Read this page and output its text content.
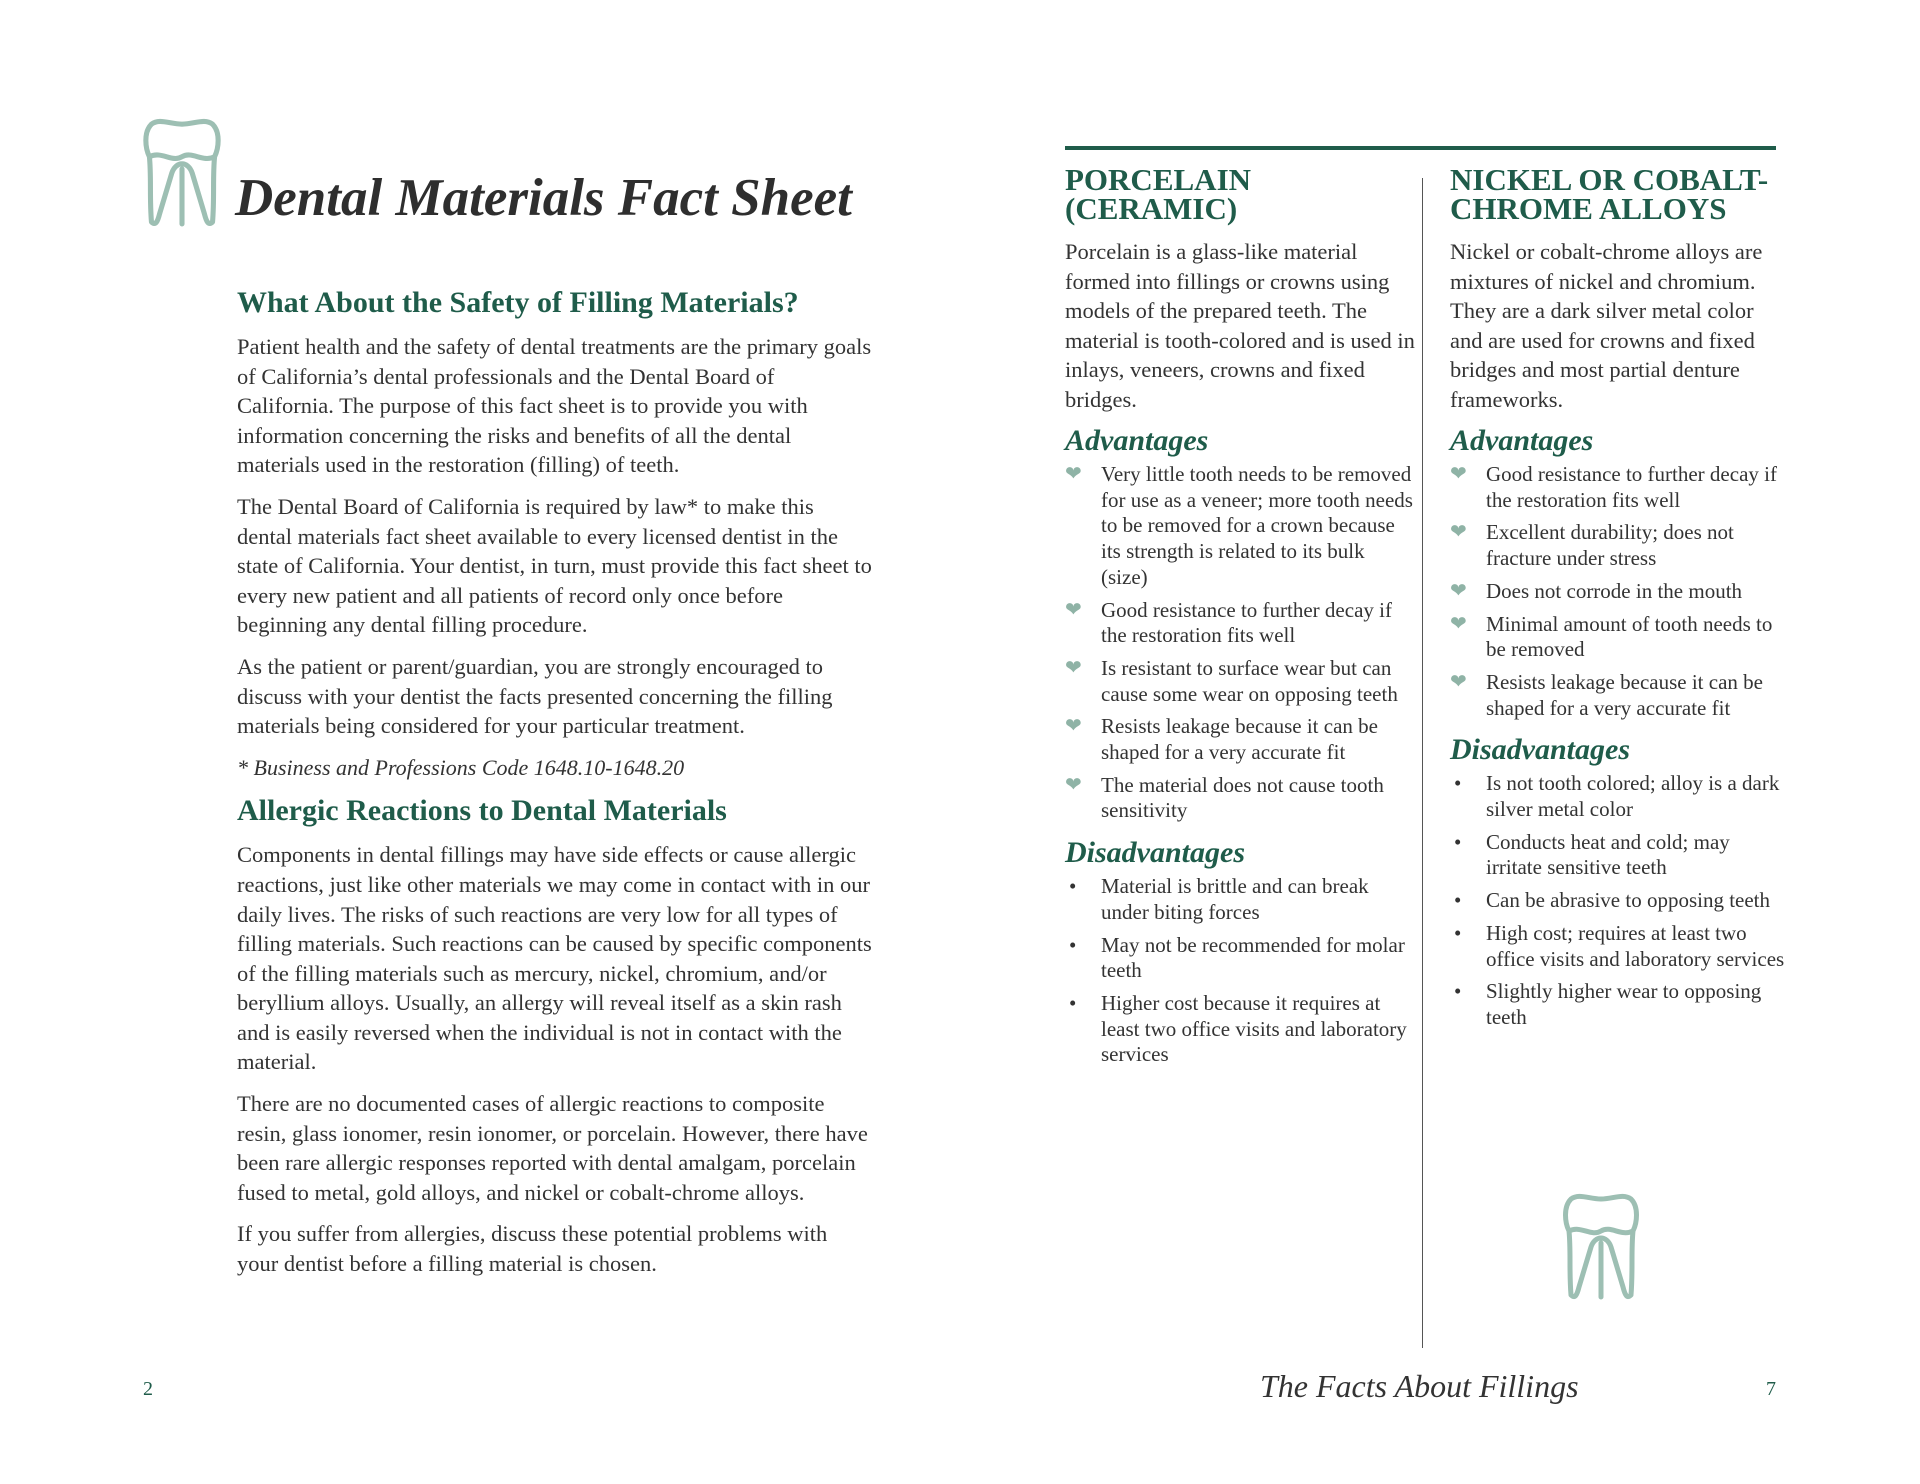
Dental Materials Fact Sheet
What About the Safety of Filling Materials?

Patient health and the safety of dental treatments are the primary goals of California’s dental professionals and the Dental Board of California. The purpose of this fact sheet is to provide you with information concerning the risks and benefits of all the dental materials used in the restoration (filling) of teeth.

The Dental Board of California is required by law* to make this dental materials fact sheet available to every licensed dentist in the state of California. Your dentist, in turn, must provide this fact sheet to every new patient and all patients of record only once before beginning any dental filling procedure.

As the patient or parent/guardian, you are strongly encouraged to discuss with your dentist the facts presented concerning the filling materials being considered for your particular treatment.

* Business and Professions Code 1648.10-1648.20

Allergic Reactions to Dental Materials

Components in dental fillings may have side effects or cause allergic reactions, just like other materials we may come in contact with in our daily lives. The risks of such reactions are very low for all types of filling materials. Such reactions can be caused by specific components of the filling materials such as mercury, nickel, chromium, and/or beryllium alloys. Usually, an allergy will reveal itself as a skin rash and is easily reversed when the individual is not in contact with the material.

There are no documented cases of allergic reactions to composite resin, glass ionomer, resin ionomer, or porcelain. However, there have been rare allergic responses reported with dental amalgam, porcelain fused to metal, gold alloys, and nickel or cobalt-chrome alloys.

If you suffer from allergies, discuss these potential problems with your dentist before a filling material is chosen.

2
PORCELAIN (CERAMIC)

Porcelain is a glass-like material formed into fillings or crowns using models of the prepared teeth. The material is tooth-colored and is used in inlays, veneers, crowns and fixed bridges.

Advantages
❤ Very little tooth needs to be removed for use as a veneer; more tooth needs to be removed for a crown because its strength is related to its bulk (size)
❤ Good resistance to further decay if the restoration fits well
❤ Is resistant to surface wear but can cause some wear on opposing teeth
❤ Resists leakage because it can be shaped for a very accurate fit
❤ The material does not cause tooth sensitivity
Disadvantages
• Material is brittle and can break under biting forces
• May not be recommended for molar teeth
• Higher cost because it requires at least two office visits and laboratory services
NICKEL OR COBALT-CHROME ALLOYS

Nickel or cobalt-chrome alloys are mixtures of nickel and chromium. They are a dark silver metal color and are used for crowns and fixed bridges and most partial denture frameworks.

Advantages
❤ Good resistance to further decay if the restoration fits well
❤ Excellent durability; does not fracture under stress
❤ Does not corrode in the mouth
❤ Minimal amount of tooth needs to be removed
❤ Resists leakage because it can be shaped for a very accurate fit
Disadvantages
• Is not tooth colored; alloy is a dark silver metal color
• Conducts heat and cold; may irritate sensitive teeth
• Can be abrasive to opposing teeth
• High cost; requires at least two office visits and laboratory services
• Slightly higher wear to opposing teeth
The Facts About Fillings	7
